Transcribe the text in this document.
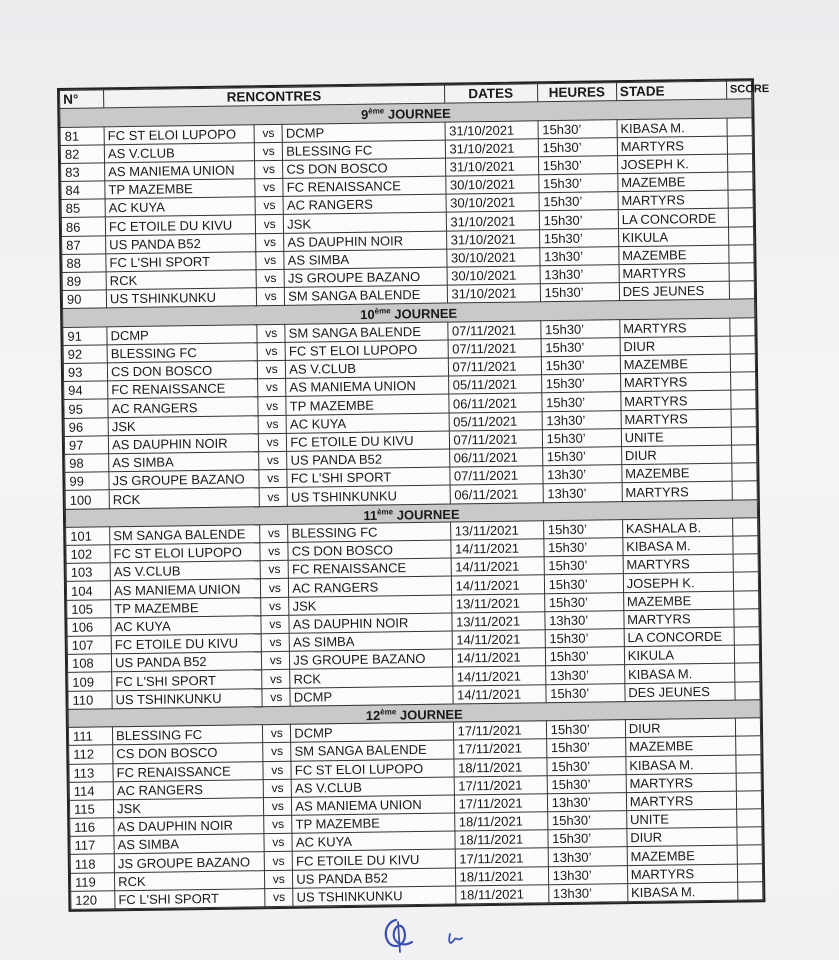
N°	RENCONTRES			DATES	HEURES	STADE	SCORE
9ème JOURNEE							
81	FC ST ELOI LUPOPO	vs	DCMP	31/10/2021	15h30’	KIBASA M.	
82	AS V.CLUB	vs	BLESSING FC	31/10/2021	15h30’	MARTYRS	
83	AS MANIEMA UNION	vs	CS DON BOSCO	31/10/2021	15h30’	JOSEPH K.	
84	TP MAZEMBE	vs	FC RENAISSANCE	30/10/2021	15h30’	MAZEMBE	
85	AC KUYA	vs	AC RANGERS	30/10/2021	15h30’	MARTYRS	
86	FC ETOILE DU KIVU	vs	JSK	31/10/2021	15h30’	LA CONCORDE	
87	US PANDA B52	vs	AS DAUPHIN NOIR	31/10/2021	15h30’	KIKULA	
88	FC L'SHI SPORT	vs	AS SIMBA	30/10/2021	13h30’	MAZEMBE	
89	RCK	vs	JS GROUPE BAZANO	30/10/2021	13h30’	MARTYRS	
90	US TSHINKUNKU	vs	SM SANGA BALENDE	31/10/2021	15h30’	DES JEUNES	
10ème JOURNEE							
91	DCMP	vs	SM SANGA BALENDE	07/11/2021	15h30’	MARTYRS	
92	BLESSING FC	vs	FC ST ELOI LUPOPO	07/11/2021	15h30’	DIUR	
93	CS DON BOSCO	vs	AS V.CLUB	07/11/2021	15h30’	MAZEMBE	
94	FC RENAISSANCE	vs	AS MANIEMA UNION	05/11/2021	15h30’	MARTYRS	
95	AC RANGERS	vs	TP MAZEMBE	06/11/2021	15h30’	MARTYRS	
96	JSK	vs	AC KUYA	05/11/2021	13h30’	MARTYRS	
97	AS DAUPHIN NOIR	vs	FC ETOILE DU KIVU	07/11/2021	15h30’	UNITE	
98	AS SIMBA	vs	US PANDA B52	06/11/2021	15h30’	DIUR	
99	JS GROUPE BAZANO	vs	FC L'SHI SPORT	07/11/2021	13h30’	MAZEMBE	
100	RCK	vs	US TSHINKUNKU	06/11/2021	13h30’	MARTYRS	
11ème JOURNEE							
101	SM SANGA BALENDE	vs	BLESSING FC	13/11/2021	15h30’	KASHALA B.	
102	FC ST ELOI LUPOPO	vs	CS DON BOSCO	14/11/2021	15h30’	KIBASA M.	
103	AS V.CLUB	vs	FC RENAISSANCE	14/11/2021	15h30’	MARTYRS	
104	AS MANIEMA UNION	vs	AC RANGERS	14/11/2021	15h30’	JOSEPH K.	
105	TP MAZEMBE	vs	JSK	13/11/2021	15h30’	MAZEMBE	
106	AC KUYA	vs	AS DAUPHIN NOIR	13/11/2021	13h30’	MARTYRS	
107	FC ETOILE DU KIVU	vs	AS SIMBA	14/11/2021	15h30’	LA CONCORDE	
108	US PANDA B52	vs	JS GROUPE BAZANO	14/11/2021	15h30’	KIKULA	
109	FC L'SHI SPORT	vs	RCK	14/11/2021	13h30’	KIBASA M.	
110	US TSHINKUNKU	vs	DCMP	14/11/2021	15h30’	DES JEUNES	
12ème JOURNEE							
111	BLESSING FC	vs	DCMP	17/11/2021	15h30’	DIUR	
112	CS DON BOSCO	vs	SM SANGA BALENDE	17/11/2021	15h30’	MAZEMBE	
113	FC RENAISSANCE	vs	FC ST ELOI LUPOPO	18/11/2021	15h30’	KIBASA M.	
114	AC RANGERS	vs	AS V.CLUB	17/11/2021	15h30’	MARTYRS	
115	JSK	vs	AS MANIEMA UNION	17/11/2021	13h30’	MARTYRS	
116	AS DAUPHIN NOIR	vs	TP MAZEMBE	18/11/2021	15h30’	UNITE	
117	AS SIMBA	vs	AC KUYA	18/11/2021	15h30’	DIUR	
118	JS GROUPE BAZANO	vs	FC ETOILE DU KIVU	17/11/2021	13h30’	MAZEMBE	
119	RCK	vs	US PANDA B52	18/11/2021	13h30’	MARTYRS	
120	FC L'SHI SPORT	vs	US TSHINKUNKU	18/11/2021	13h30’	KIBASA M.	
